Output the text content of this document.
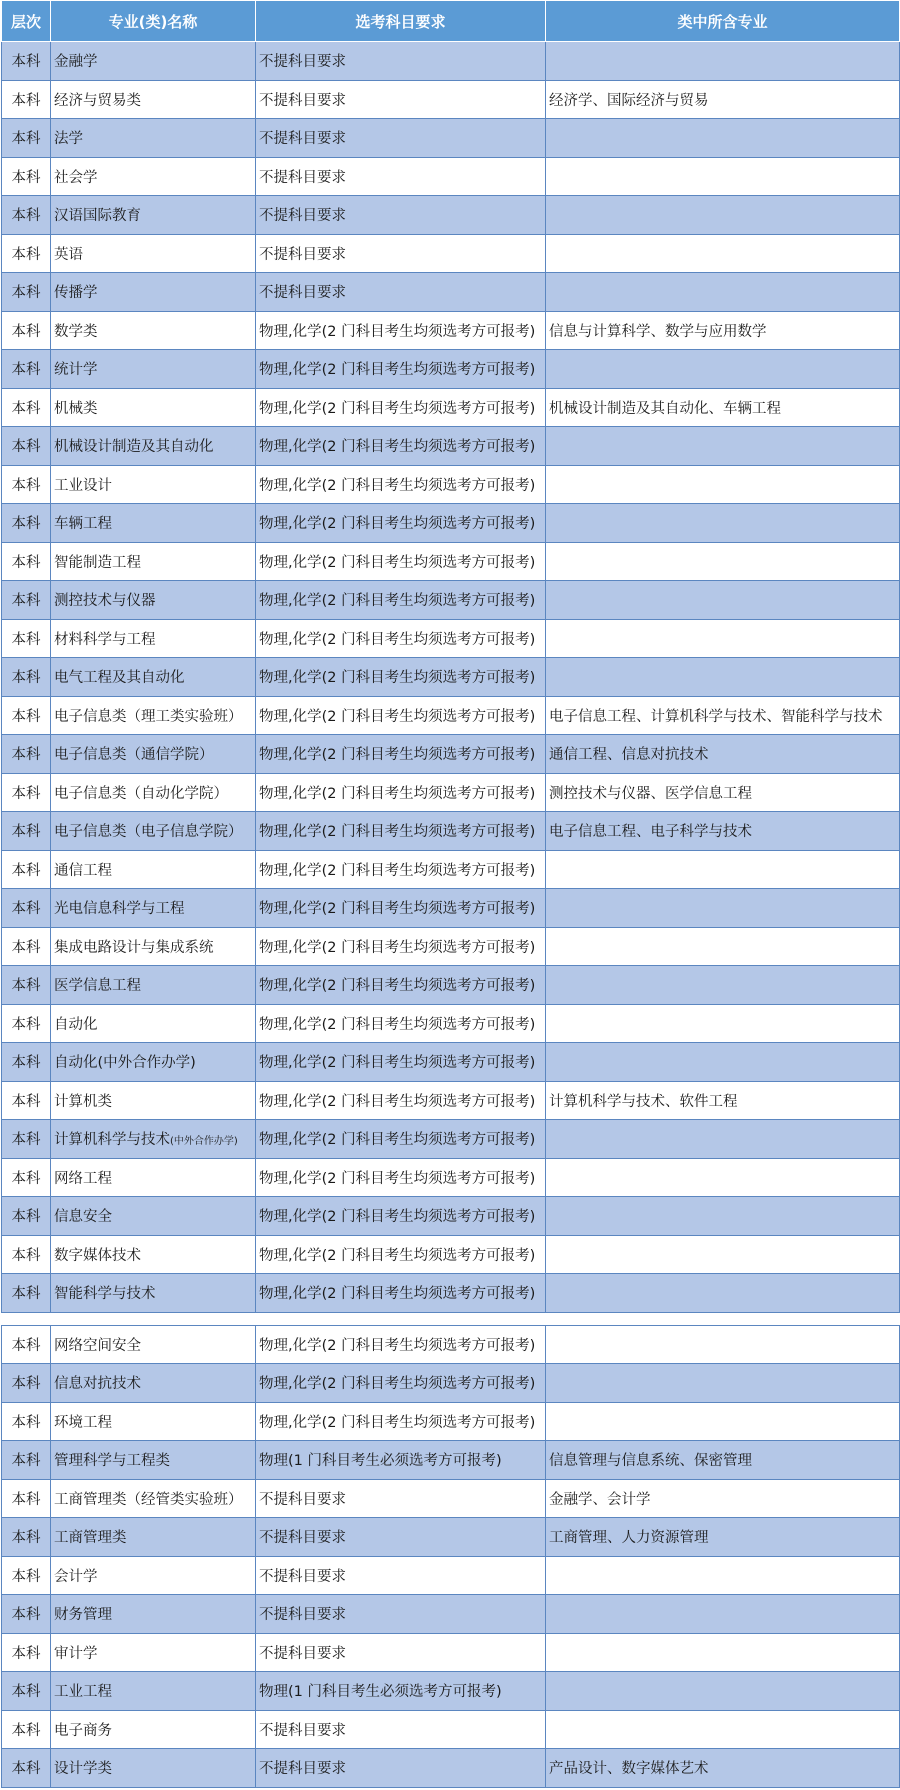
层次	专业(类)名称	选考科目要求	类中所含专业
本科	金融学	不提科目要求	
本科	经济与贸易类	不提科目要求	经济学、国际经济与贸易
本科	法学	不提科目要求	
本科	社会学	不提科目要求	
本科	汉语国际教育	不提科目要求	
本科	英语	不提科目要求	
本科	传播学	不提科目要求	
本科	数学类	物理,化学(2 门科目考生均须选考方可报考)	信息与计算科学、数学与应用数学
本科	统计学	物理,化学(2 门科目考生均须选考方可报考)	
本科	机械类	物理,化学(2 门科目考生均须选考方可报考)	机械设计制造及其自动化、车辆工程
本科	机械设计制造及其自动化	物理,化学(2 门科目考生均须选考方可报考)	
本科	工业设计	物理,化学(2 门科目考生均须选考方可报考)	
本科	车辆工程	物理,化学(2 门科目考生均须选考方可报考)	
本科	智能制造工程	物理,化学(2 门科目考生均须选考方可报考)	
本科	测控技术与仪器	物理,化学(2 门科目考生均须选考方可报考)	
本科	材料科学与工程	物理,化学(2 门科目考生均须选考方可报考)	
本科	电气工程及其自动化	物理,化学(2 门科目考生均须选考方可报考)	
本科	电子信息类（理工类实验班）	物理,化学(2 门科目考生均须选考方可报考)	电子信息工程、计算机科学与技术、智能科学与技术
本科	电子信息类（通信学院）	物理,化学(2 门科目考生均须选考方可报考)	通信工程、信息对抗技术
本科	电子信息类（自动化学院）	物理,化学(2 门科目考生均须选考方可报考)	测控技术与仪器、医学信息工程
本科	电子信息类（电子信息学院）	物理,化学(2 门科目考生均须选考方可报考)	电子信息工程、电子科学与技术
本科	通信工程	物理,化学(2 门科目考生均须选考方可报考)	
本科	光电信息科学与工程	物理,化学(2 门科目考生均须选考方可报考)	
本科	集成电路设计与集成系统	物理,化学(2 门科目考生均须选考方可报考)	
本科	医学信息工程	物理,化学(2 门科目考生均须选考方可报考)	
本科	自动化	物理,化学(2 门科目考生均须选考方可报考)	
本科	自动化(中外合作办学)	物理,化学(2 门科目考生均须选考方可报考)	
本科	计算机类	物理,化学(2 门科目考生均须选考方可报考)	计算机科学与技术、软件工程
本科	计算机科学与技术(中外合作办学)	物理,化学(2 门科目考生均须选考方可报考)	
本科	网络工程	物理,化学(2 门科目考生均须选考方可报考)	
本科	信息安全	物理,化学(2 门科目考生均须选考方可报考)	
本科	数字媒体技术	物理,化学(2 门科目考生均须选考方可报考)	
本科	智能科学与技术	物理,化学(2 门科目考生均须选考方可报考)	
本科	网络空间安全	物理,化学(2 门科目考生均须选考方可报考)	
本科	信息对抗技术	物理,化学(2 门科目考生均须选考方可报考)	
本科	环境工程	物理,化学(2 门科目考生均须选考方可报考)	
本科	管理科学与工程类	物理(1 门科目考生必须选考方可报考)	信息管理与信息系统、保密管理
本科	工商管理类（经管类实验班）	不提科目要求	金融学、会计学
本科	工商管理类	不提科目要求	工商管理、人力资源管理
本科	会计学	不提科目要求	
本科	财务管理	不提科目要求	
本科	审计学	不提科目要求	
本科	工业工程	物理(1 门科目考生必须选考方可报考)	
本科	电子商务	不提科目要求	
本科	设计学类	不提科目要求	产品设计、数字媒体艺术
